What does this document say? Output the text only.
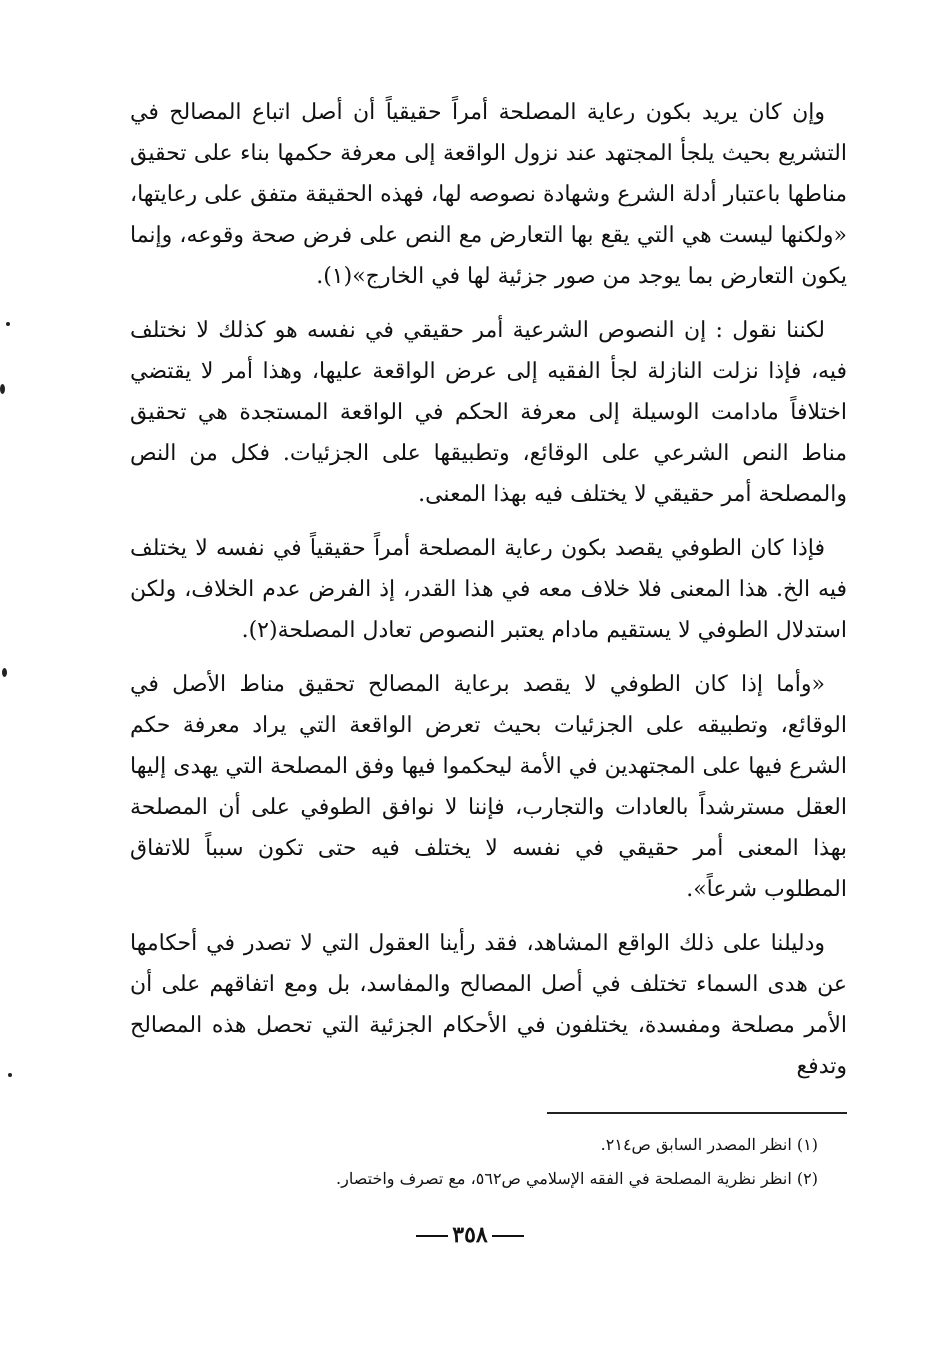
وإن كان يريد بكون رعاية المصلحة أمراً حقيقياً أن أصل اتباع المصالح في التشريع بحيث يلجأ المجتهد عند نزول الواقعة إلى معرفة حكمها بناء على تحقيق مناطها باعتبار أدلة الشرع وشهادة نصوصه لها، فهذه الحقيقة متفق على رعايتها، «ولكنها ليست هي التي يقع بها التعارض مع النص على فرض صحة وقوعه، وإنما يكون التعارض بما يوجد من صور جزئية لها في الخارج»(١).

لكننا نقول : إن النصوص الشرعية أمر حقيقي في نفسه هو كذلك لا نختلف فيه، فإذا نزلت النازلة لجأ الفقيه إلى عرض الواقعة عليها، وهذا أمر لا يقتضي اختلافاً مادامت الوسيلة إلى معرفة الحكم في الواقعة المستجدة هي تحقيق مناط النص الشرعي على الوقائع، وتطبيقها على الجزئيات. فكل من النص والمصلحة أمر حقيقي لا يختلف فيه بهذا المعنى.

فإذا كان الطوفي يقصد بكون رعاية المصلحة أمراً حقيقياً في نفسه لا يختلف فيه الخ. هذا المعنى فلا خلاف معه في هذا القدر، إذ الفرض عدم الخلاف، ولكن استدلال الطوفي لا يستقيم مادام يعتبر النصوص تعادل المصلحة(٢).

«وأما إذا كان الطوفي لا يقصد برعاية المصالح تحقيق مناط الأصل في الوقائع، وتطبيقه على الجزئيات بحيث تعرض الواقعة التي يراد معرفة حكم الشرع فيها على المجتهدين في الأمة ليحكموا فيها وفق المصلحة التي يهدى إليها العقل مسترشداً بالعادات والتجارب، فإننا لا نوافق الطوفي على أن المصلحة بهذا المعنى أمر حقيقي في نفسه لا يختلف فيه حتى تكون سبباً للاتفاق المطلوب شرعاً».

ودليلنا على ذلك الواقع المشاهد، فقد رأينا العقول التي لا تصدر في أحكامها عن هدى السماء تختلف في أصل المصالح والمفاسد، بل ومع اتفاقهم على أن الأمر مصلحة ومفسدة، يختلفون في الأحكام الجزئية التي تحصل هذه المصالح وتدفع

(١) انظر المصدر السابق ص٢١٤.

(٢) انظر نظرية المصلحة في الفقه الإسلامي ص٥٦٢، مع تصرف واختصار.

٣٥٨
